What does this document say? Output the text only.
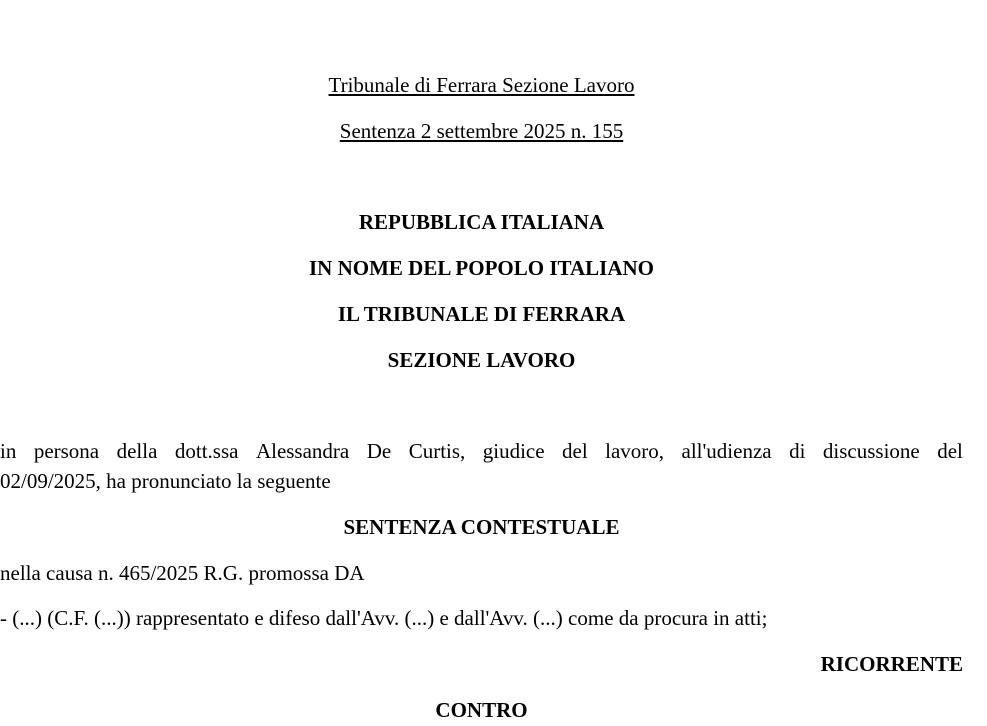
Tribunale di Ferrara Sezione Lavoro
Sentenza 2 settembre 2025 n. 155
REPUBBLICA ITALIANA
IN NOME DEL POPOLO ITALIANO
IL TRIBUNALE DI FERRARA
SEZIONE LAVORO
in persona della dott.ssa Alessandra De Curtis, giudice del lavoro, all'udienza di discussione del
02/09/2025, ha pronunciato la seguente
SENTENZA CONTESTUALE
nella causa n. 465/2025 R.G. promossa DA
- (...) (C.F. (...)) rappresentato e difeso dall'Avv. (...) e dall'Avv. (...) come da procura in atti;
RICORRENTE
CONTRO
